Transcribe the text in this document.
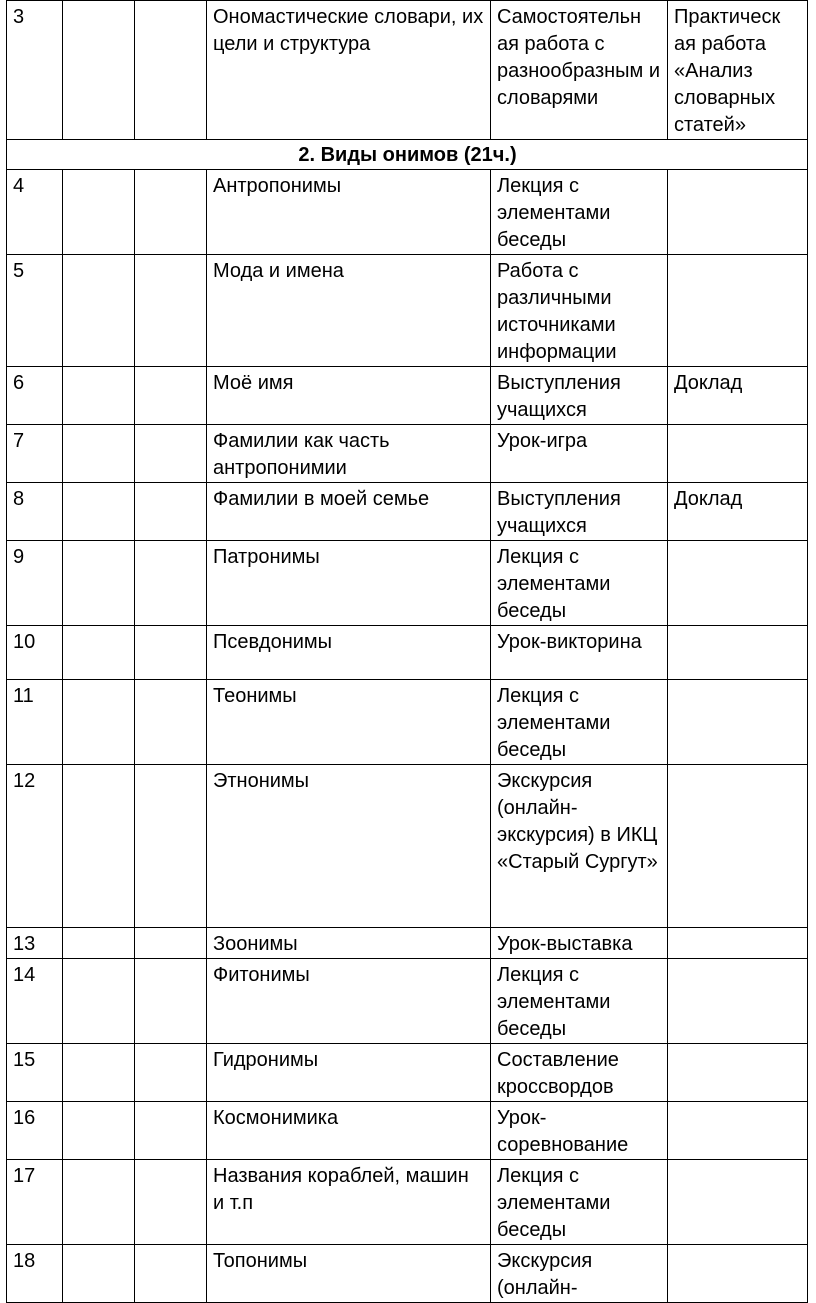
3			Ономастические словари, их цели и структура	Самостоятельн ая работа с разнообразным и словарями	Практическ ая работа «Анализ словарных статей»
2. Виды онимов (21ч.)					
4			Антропонимы	Лекция с элементами беседы	
5			Мода и имена	Работа с различными источниками информации	
6			Моё имя	Выступления учащихся	Доклад
7			Фамилии как часть антропонимии	Урок-игра	
8			Фамилии в моей семье	Выступления учащихся	Доклад
9			Патронимы	Лекция с элементами беседы	
10			Псевдонимы	Урок-викторина	
11			Теонимы	Лекция с элементами беседы	
12			Этнонимы	Экскурсия (онлайн-экскурсия) в ИКЦ «Старый Сургут»	
13			Зоонимы	Урок-выставка	
14			Фитонимы	Лекция с элементами беседы	
15			Гидронимы	Составление кроссвордов	
16			Космонимика	Урок-соревнование	
17			Названия кораблей, машин и т.п	Лекция с элементами беседы	
18			Топонимы	Экскурсия (онлайн-	
